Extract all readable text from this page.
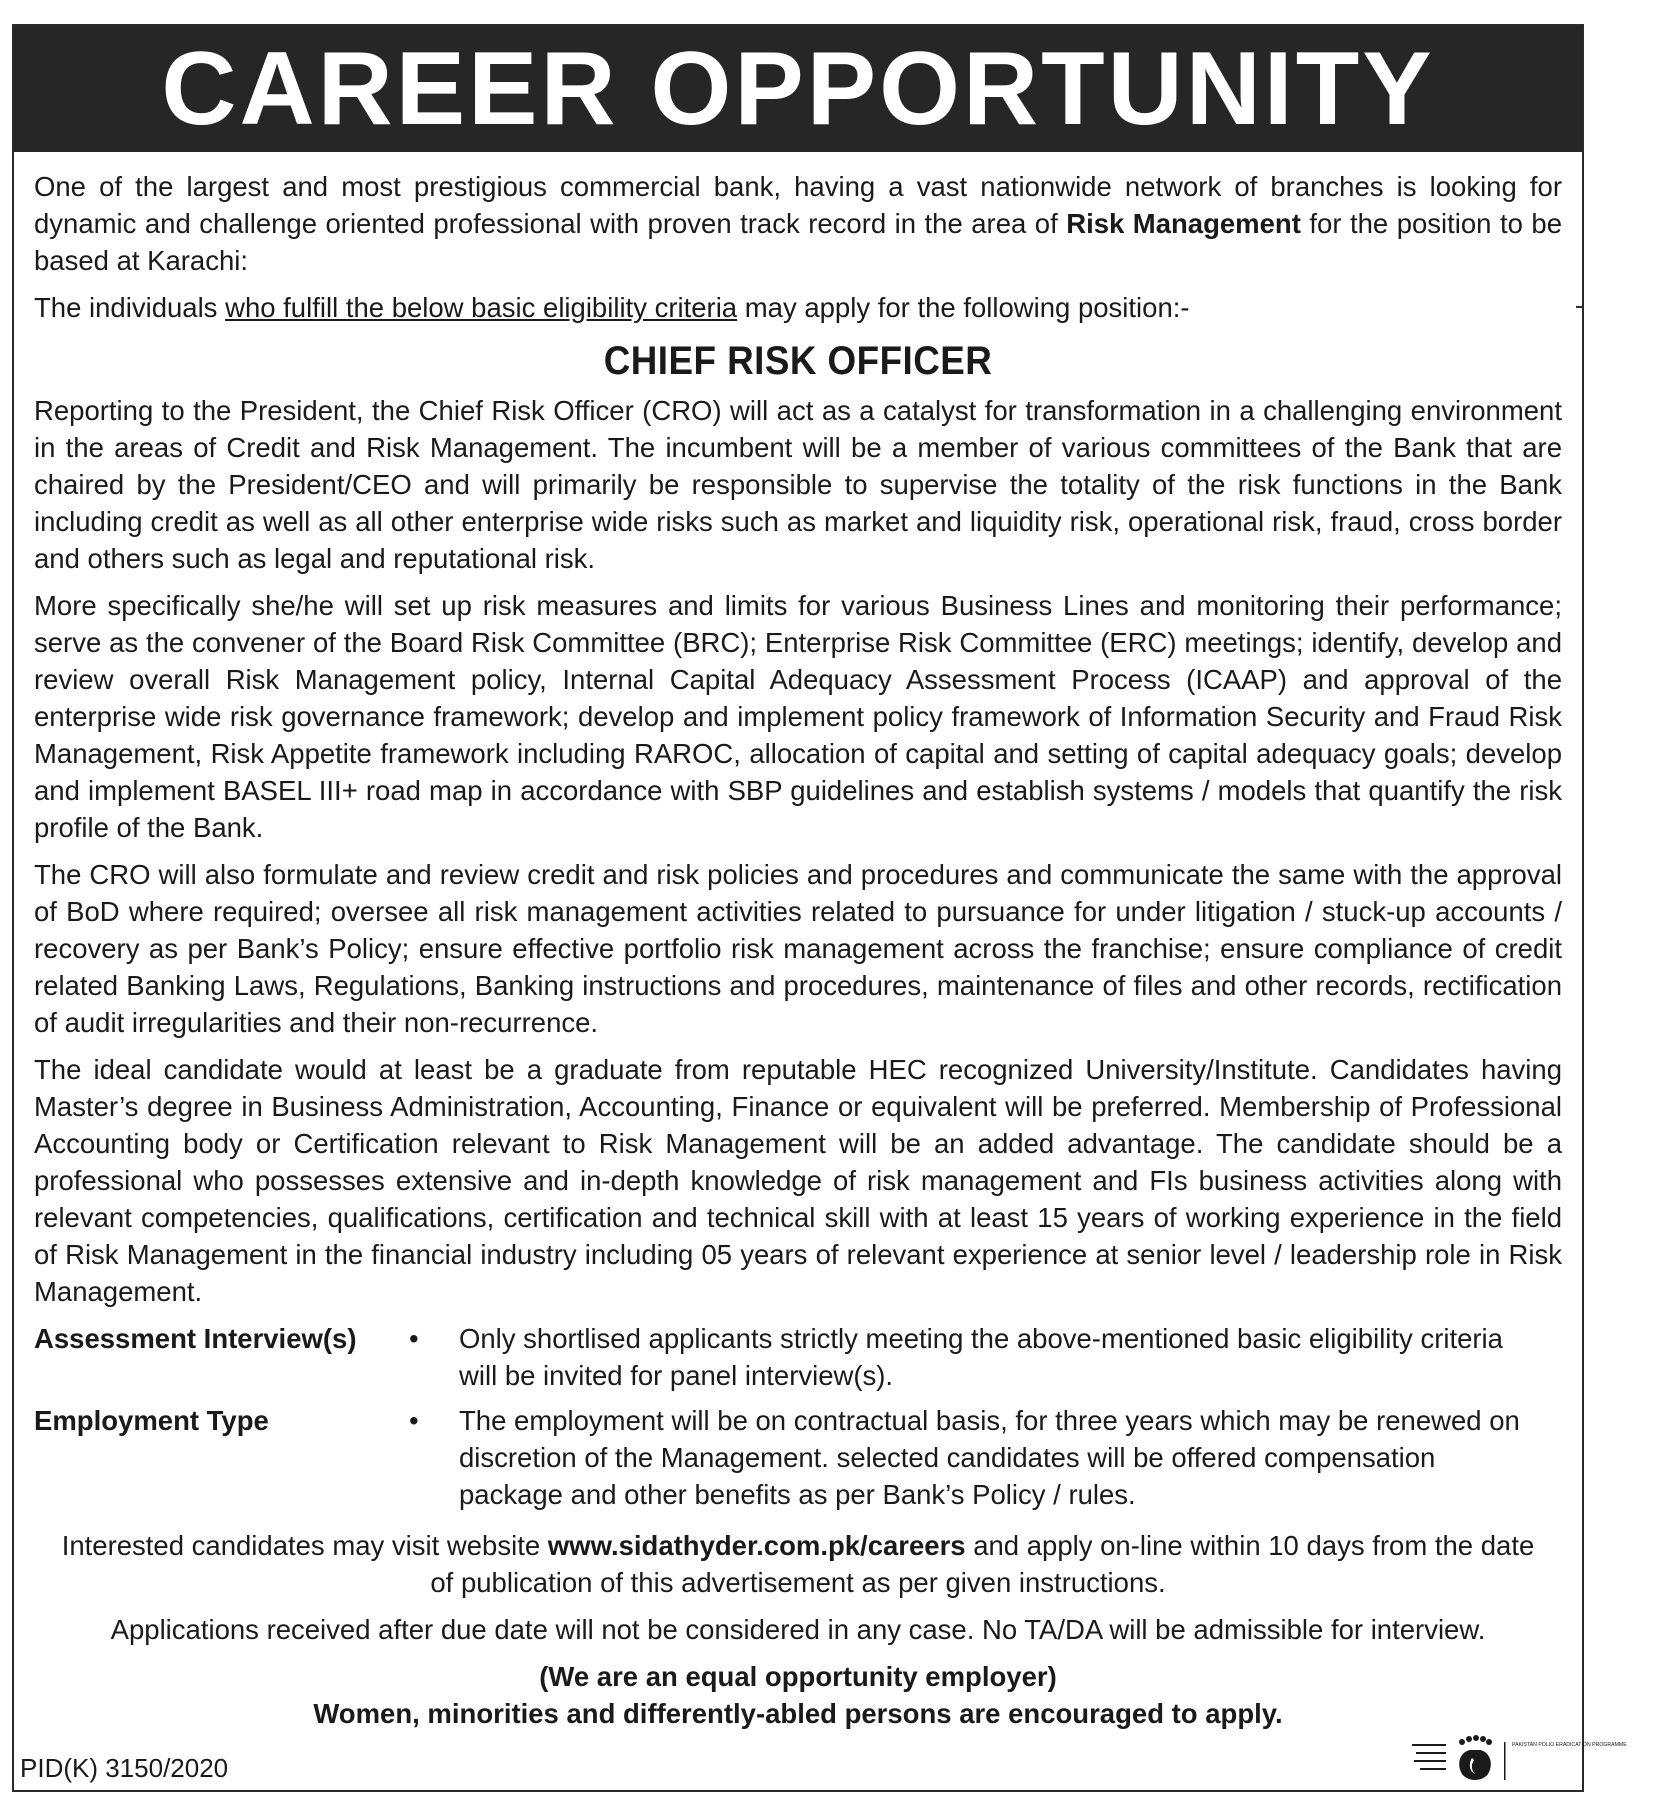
CAREER OPPORTUNITY

One of the largest and most prestigious commercial bank, having a vast nationwide network of branches is looking for dynamic and challenge oriented professional with proven track record in the area of Risk Management for the position to be based at Karachi:

The individuals who fulfill the below basic eligibility criteria may apply for the following position:-

CHIEF RISK OFFICER

Reporting to the President, the Chief Risk Officer (CRO) will act as a catalyst for transformation in a challenging environment in the areas of Credit and Risk Management. The incumbent will be a member of various committees of the Bank that are chaired by the President/CEO and will primarily be responsible to supervise the totality of the risk functions in the Bank including credit as well as all other enterprise wide risks such as market and liquidity risk, operational risk, fraud, cross border and others such as legal and reputational risk.

More specifically she/he will set up risk measures and limits for various Business Lines and monitoring their performance; serve as the convener of the Board Risk Committee (BRC); Enterprise Risk Committee (ERC) meetings; identify, develop and review overall Risk Management policy, Internal Capital Adequacy Assessment Process (ICAAP) and approval of the enterprise wide risk governance framework; develop and implement policy framework of Information Security and Fraud Risk Management, Risk Appetite framework including RAROC, allocation of capital and setting of capital adequacy goals; develop and implement BASEL III+ road map in accordance with SBP guidelines and establish systems / models that quantify the risk profile of the Bank.

The CRO will also formulate and review credit and risk policies and procedures and communicate the same with the approval of BoD where required; oversee all risk management activities related to pursuance for under litigation / stuck-up accounts / recovery as per Bank’s Policy; ensure effective portfolio risk management across the franchise; ensure compliance of credit related Banking Laws, Regulations, Banking instructions and procedures, maintenance of files and other records, rectification of audit irregularities and their non-recurrence.

The ideal candidate would at least be a graduate from reputable HEC recognized University/Institute. Candidates having Master’s degree in Business Administration, Accounting, Finance or equivalent will be preferred. Membership of Professional Accounting body or Certification relevant to Risk Management will be an added advantage. The candidate should be a professional who possesses extensive and in-depth knowledge of risk management and FIs business activities along with relevant competencies, qualifications, certification and technical skill with at least 15 years of working experience in the field of Risk Management in the financial industry including 05 years of relevant experience at senior level / leadership role in Risk Management.

Assessment Interview(s)	•	Only shortlised applicants strictly meeting the above-mentioned basic eligibility criteria will be invited for panel interview(s).
Employment Type	•	The employment will be on contractual basis, for three years which may be renewed on discretion of the Management. selected candidates will be offered compensation package and other benefits as per Bank’s Policy / rules.

Interested candidates may visit website www.sidathyder.com.pk/careers and apply on-line within 10 days from the date of publication of this advertisement as per given instructions.

Applications received after due date will not be considered in any case. No TA/DA will be admissible for interview.

(We are an equal opportunity employer)

Women, minorities and differently-abled persons are encouraged to apply.

PID(K) 3150/2020
PAKISTAN POLIO ERADICATION PROGRAMME
